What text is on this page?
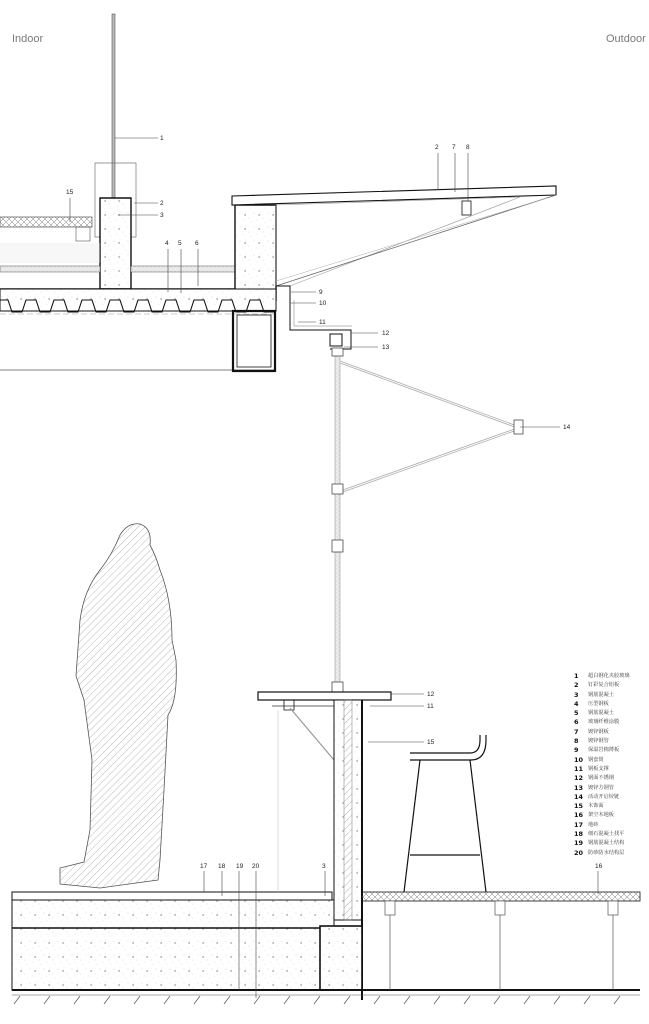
1
2
3
2 7 8
15
4 5 6
9
10
11
12
13
14
12
11
15
16
17 18 19 20	3
Indoor	Outdoor
1	超白钢化夹胶玻璃
2	钉彩复合铝板
3	钢筋混凝土
4	压型钢板
5	钢筋混凝土
6	玻璃纤维涂膜
7	镀锌钢板
8	镀锌钢管
9	保温岩棉薄板
10 钢套筒
11 钢板支撑
12 钢面不锈钢
13 镀锌方钢管
14 活动开启铰链
15 木饰面
16 架空木地板
17 地砖
18 细石混凝土找平
19 钢筋混凝土结构
20 防砂防水结构层
